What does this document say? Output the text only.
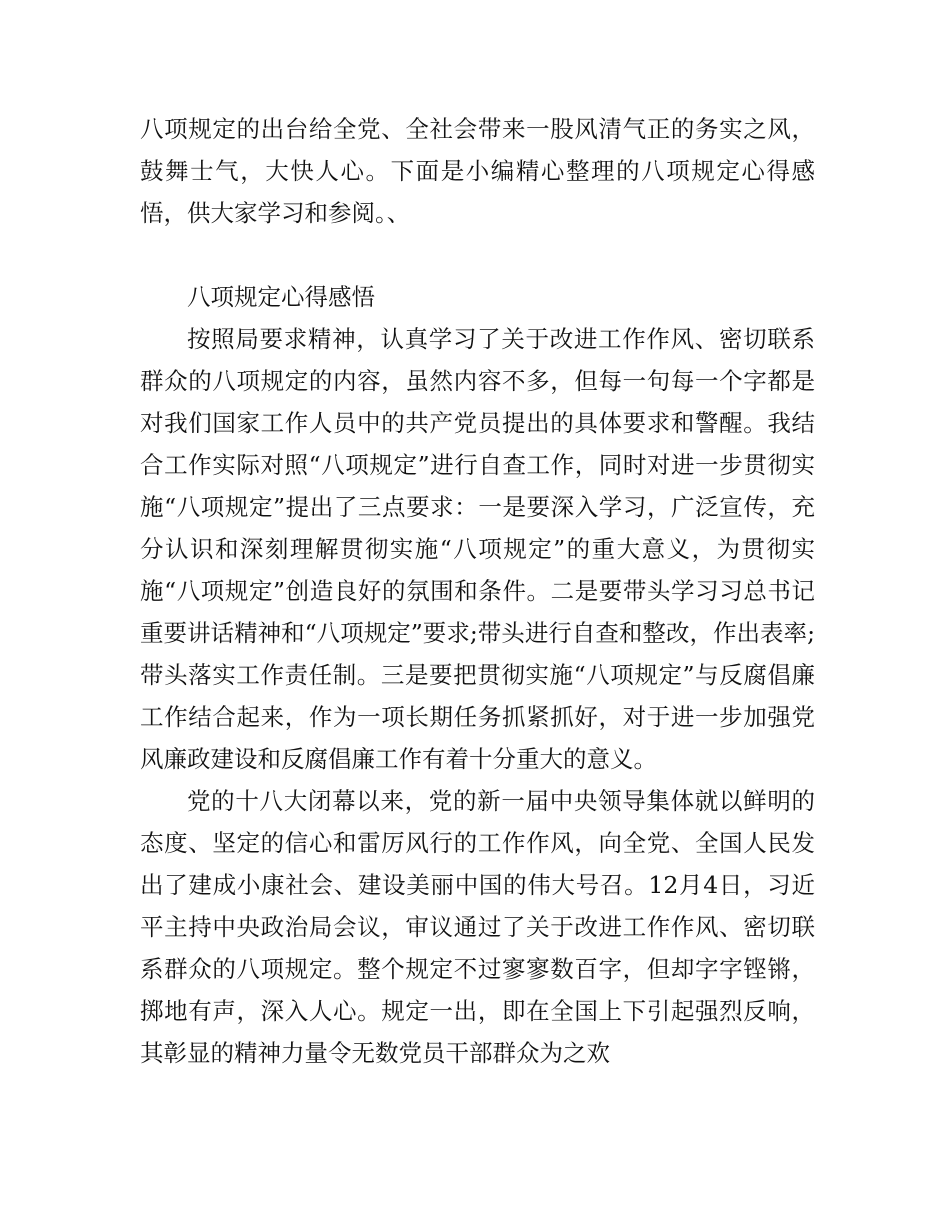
八项规定的出台给全党、全社会带来一股风清气正的务实之风，鼓舞士气，大快人心。下面是小编精心整理的八项规定心得感悟，供大家学习和参阅。、

八项规定心得感悟

按照局要求精神，认真学习了关于改进工作作风、密切联系群众的八项规定的内容，虽然内容不多，但每一句每一个字都是对我们国家工作人员中的共产党员提出的具体要求和警醒。我结合工作实际对照“八项规定”进行自查工作，同时对进一步贯彻实施“八项规定”提出了三点要求：一是要深入学习，广泛宣传，充分认识和深刻理解贯彻实施“八项规定”的重大意义，为贯彻实施“八项规定”创造良好的氛围和条件。二是要带头学习习总书记重要讲话精神和“八项规定”要求;带头进行自查和整改，作出表率;带头落实工作责任制。三是要把贯彻实施“八项规定”与反腐倡廉工作结合起来，作为一项长期任务抓紧抓好，对于进一步加强党风廉政建设和反腐倡廉工作有着十分重大的意义。

党的十八大闭幕以来，党的新一届中央领导集体就以鲜明的态度、坚定的信心和雷厉风行的工作作风，向全党、全国人民发出了建成小康社会、建设美丽中国的伟大号召。12月4日，习近平主持中央政治局会议，审议通过了关于改进工作作风、密切联系群众的八项规定。整个规定不过寥寥数百字，但却字字铿锵，掷地有声，深入人心。规定一出，即在全国上下引起强烈反响，其彰显的精神力量令无数党员干部群众为之欢
